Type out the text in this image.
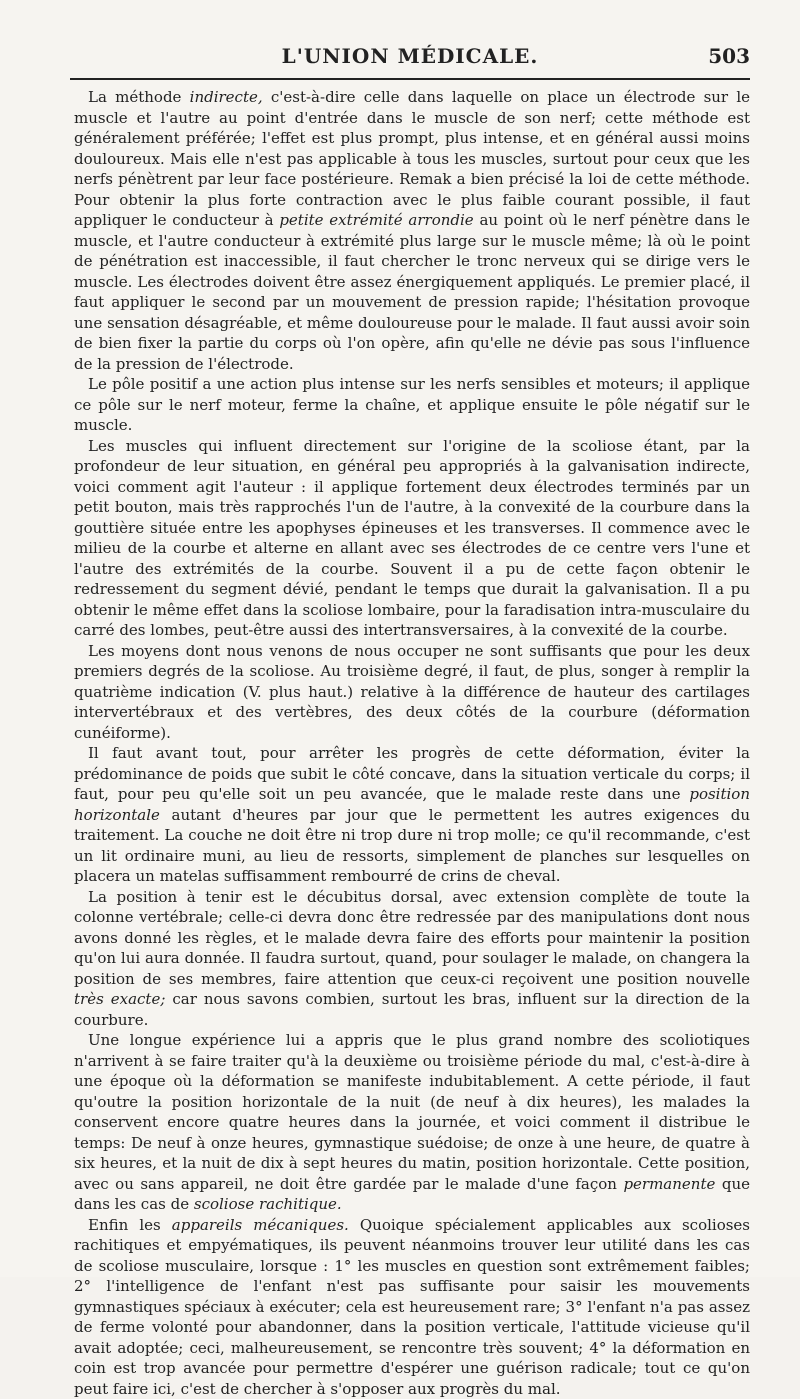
L'UNION MÉDICALE.	503

La méthode indirecte, c'est-à-dire celle dans laquelle on place un électrode sur le muscle et l'autre au point d'entrée dans le muscle de son nerf; cette méthode est généralement préférée; l'effet est plus prompt, plus intense, et en général aussi moins douloureux. Mais elle n'est pas applicable à tous les muscles, surtout pour ceux que les nerfs pénètrent par leur face postérieure. Remak a bien précisé la loi de cette méthode. Pour obtenir la plus forte contraction avec le plus faible courant possible, il faut appliquer le conducteur à petite extrémité arrondie au point où le nerf pénètre dans le muscle, et l'autre conducteur à extrémité plus large sur le muscle même; là où le point de pénétration est inaccessible, il faut chercher le tronc nerveux qui se dirige vers le muscle. Les électrodes doivent être assez énergiquement appliqués. Le premier placé, il faut appliquer le second par un mouvement de pression rapide; l'hésitation provoque une sensation désagréable, et même douloureuse pour le malade. Il faut aussi avoir soin de bien fixer la partie du corps où l'on opère, afin qu'elle ne dévie pas sous l'influence de la pression de l'électrode.

Le pôle positif a une action plus intense sur les nerfs sensibles et moteurs; il applique ce pôle sur le nerf moteur, ferme la chaîne, et applique ensuite le pôle négatif sur le muscle.

Les muscles qui influent directement sur l'origine de la scoliose étant, par la profondeur de leur situation, en général peu appropriés à la galvanisation indirecte, voici comment agit l'auteur : il applique fortement deux électrodes terminés par un petit bouton, mais très rapprochés l'un de l'autre, à la convexité de la courbure dans la gouttière située entre les apophyses épineuses et les transverses. Il commence avec le milieu de la courbe et alterne en allant avec ses électrodes de ce centre vers l'une et l'autre des extrémités de la courbe. Souvent il a pu de cette façon obtenir le redressement du segment dévié, pendant le temps que durait la galvanisation. Il a pu obtenir le même effet dans la scoliose lombaire, pour la faradisation intra-musculaire du carré des lombes, peut-être aussi des intertransversaires, à la convexité de la courbe.

Les moyens dont nous venons de nous occuper ne sont suffisants que pour les deux premiers degrés de la scoliose. Au troisième degré, il faut, de plus, songer à remplir la quatrième indication (V. plus haut.) relative à la différence de hauteur des cartilages intervertébraux et des vertèbres, des deux côtés de la courbure (déformation cunéiforme).

Il faut avant tout, pour arrêter les progrès de cette déformation, éviter la prédominance de poids que subit le côté concave, dans la situation verticale du corps; il faut, pour peu qu'elle soit un peu avancée, que le malade reste dans une position horizontale autant d'heures par jour que le permettent les autres exigences du traitement. La couche ne doit être ni trop dure ni trop molle; ce qu'il recommande, c'est un lit ordinaire muni, au lieu de ressorts, simplement de planches sur lesquelles on placera un matelas suffisamment rembourré de crins de cheval.

La position à tenir est le décubitus dorsal, avec extension complète de toute la colonne vertébrale; celle-ci devra donc être redressée par des manipulations dont nous avons donné les règles, et le malade devra faire des efforts pour maintenir la position qu'on lui aura donnée. Il faudra surtout, quand, pour soulager le malade, on changera la position de ses membres, faire attention que ceux-ci reçoivent une position nouvelle très exacte; car nous savons combien, surtout les bras, influent sur la direction de la courbure.

Une longue expérience lui a appris que le plus grand nombre des scoliotiques n'arrivent à se faire traiter qu'à la deuxième ou troisième période du mal, c'est-à-dire à une époque où la déformation se manifeste indubitablement. A cette période, il faut qu'outre la position horizontale de la nuit (de neuf à dix heures), les malades la conservent encore quatre heures dans la journée, et voici comment il distribue le temps: De neuf à onze heures, gymnastique suédoise; de onze à une heure, de quatre à six heures, et la nuit de dix à sept heures du matin, position horizontale. Cette position, avec ou sans appareil, ne doit être gardée par le malade d'une façon permanente que dans les cas de scoliose rachitique.

Enfin les appareils mécaniques. Quoique spécialement applicables aux scolioses rachitiques et empyématiques, ils peuvent néanmoins trouver leur utilité dans les cas de scoliose musculaire, lorsque : 1° les muscles en question sont extrêmement faibles; 2° l'intelligence de l'enfant n'est pas suffisante pour saisir les mouvements gymnastiques spéciaux à exécuter; cela est heureusement rare; 3° l'enfant n'a pas assez de ferme volonté pour abandonner, dans la position verticale, l'attitude vicieuse qu'il avait adoptée; ceci, malheureusement, se rencontre très souvent; 4° la déformation en coin est trop avancée pour permettre d'espérer une guérison radicale; tout ce qu'on peut faire ici, c'est de chercher à s'opposer aux progrès du mal.
